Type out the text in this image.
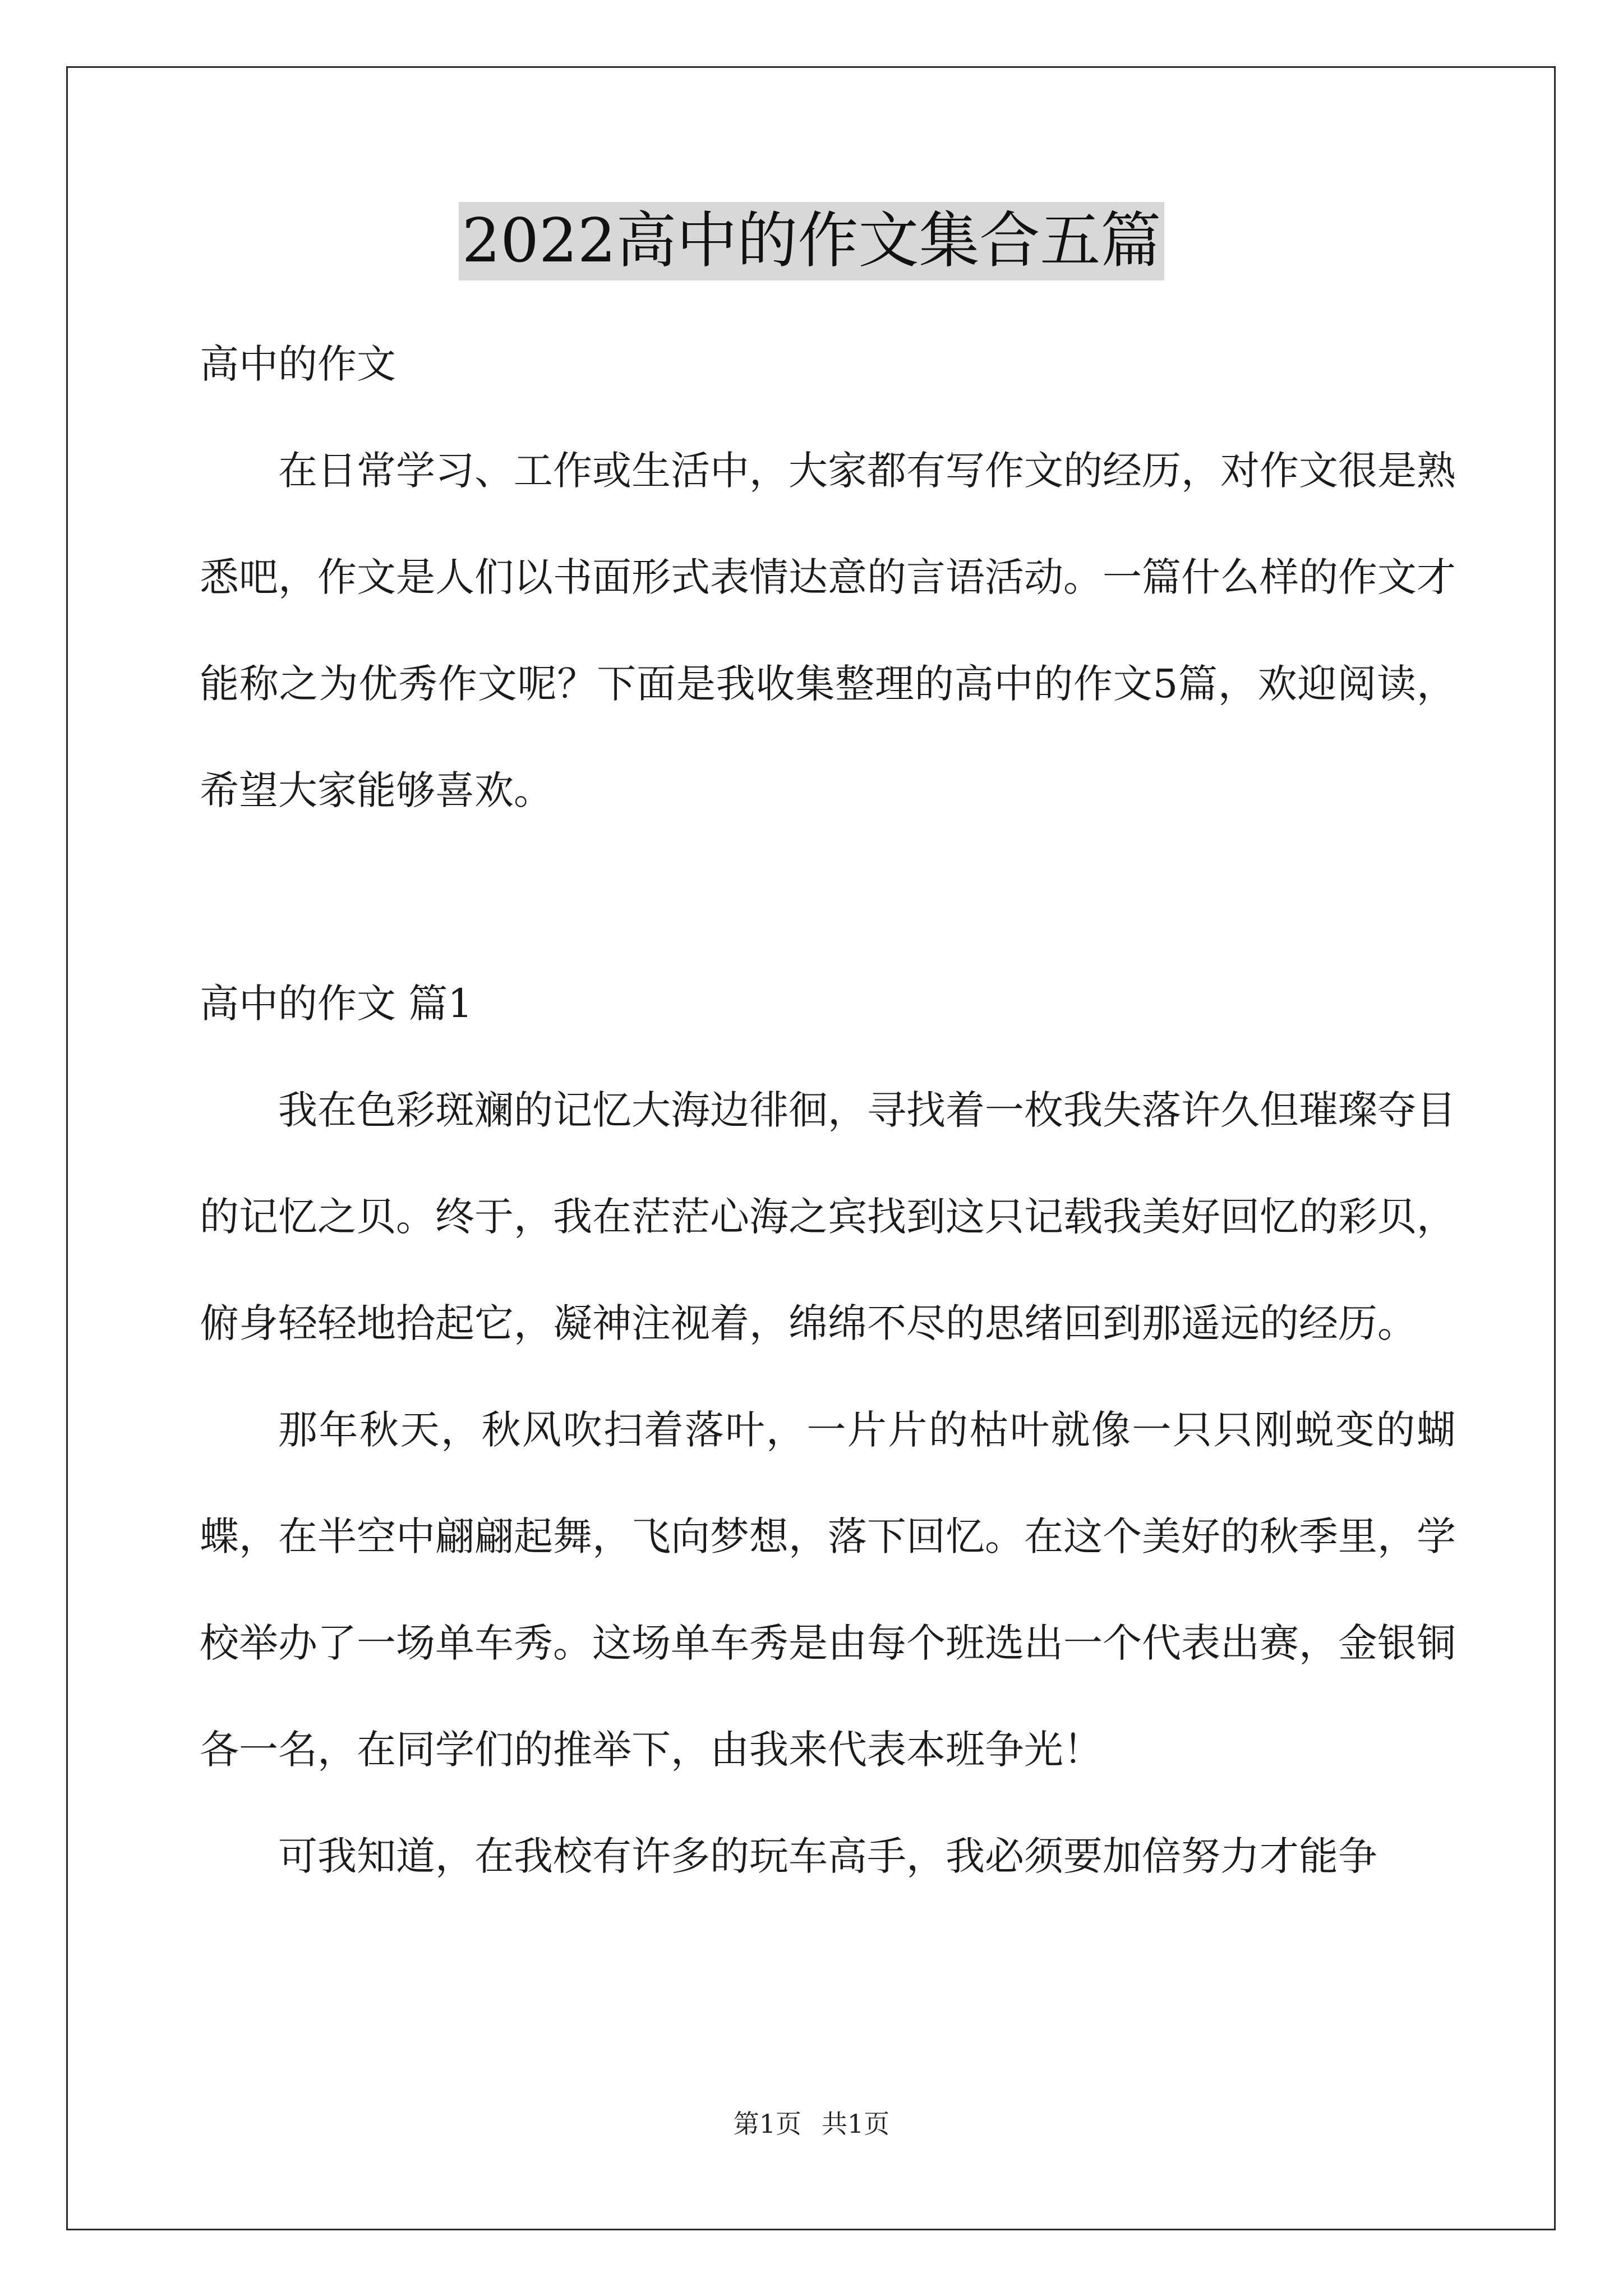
2022高中的作文集合五篇

高中的作文

在日常学习、工作或生活中，大家都有写作文的经历，对作文很是熟悉吧，作文是人们以书面形式表情达意的言语活动。一篇什么样的作文才能称之为优秀作文呢？下面是我收集整理的高中的作文5篇，欢迎阅读，希望大家能够喜欢。

高中的作文 篇1

我在色彩斑斓的记忆大海边徘徊，寻找着一枚我失落许久但璀璨夺目的记忆之贝。终于，我在茫茫心海之宾找到这只记载我美好回忆的彩贝，俯身轻轻地拾起它，凝神注视着，绵绵不尽的思绪回到那遥远的经历。

那年秋天，秋风吹扫着落叶，一片片的枯叶就像一只只刚蜕变的蝴蝶，在半空中翩翩起舞，飞向梦想，落下回忆。在这个美好的秋季里，学校举办了一场单车秀。这场单车秀是由每个班选出一个代表出赛，金银铜各一名，在同学们的推举下，由我来代表本班争光！

可我知道，在我校有许多的玩车高手，我必须要加倍努力才能争

第1页 共1页
